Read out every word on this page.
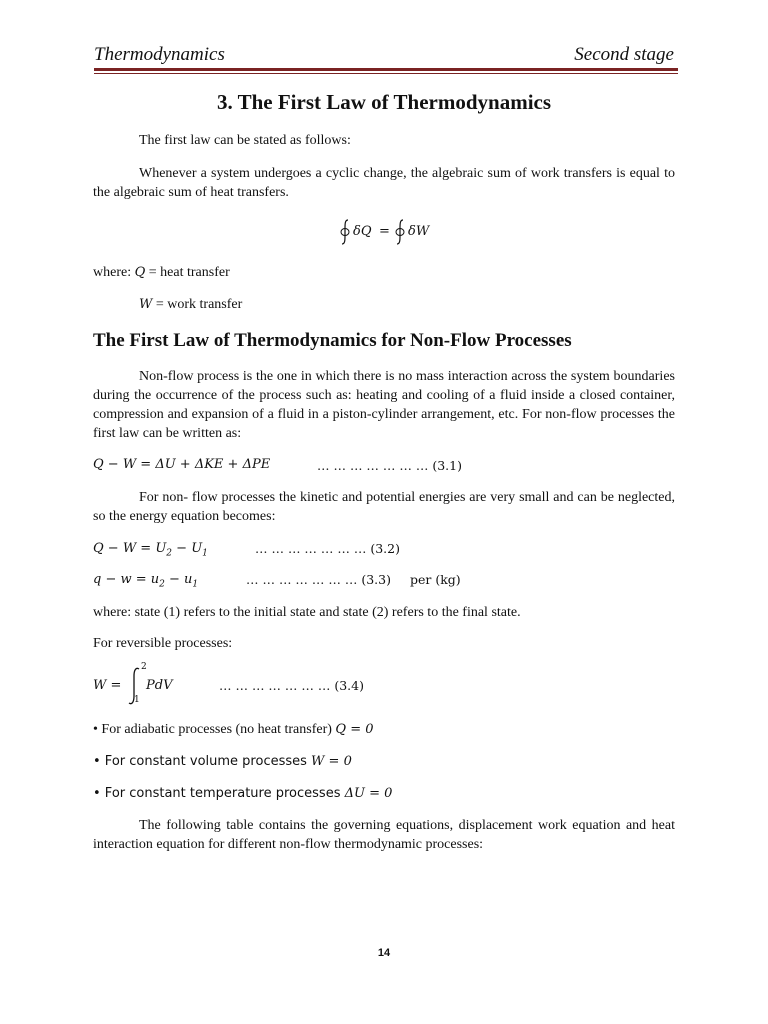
Thermodynamics	Second stage
3. The First Law of Thermodynamics
The first law can be stated as follows:
Whenever a system undergoes a cyclic change, the algebraic sum of work transfers is equal to the algebraic sum of heat transfers.
δQ = δW
where: Q = heat transfer
W = work transfer
The First Law of Thermodynamics for Non-Flow Processes
Non-flow process is the one in which there is no mass interaction across the system boundaries during the occurrence of the process such as: heating and cooling of a fluid inside a closed container, compression and expansion of a fluid in a piston-cylinder arrangement, etc. For non-flow processes the first law can be written as:
Q − W = ΔU + ΔKE + ΔPE	… … … … … … … (3.1)
For non- flow processes the kinetic and potential energies are very small and can be neglected, so the energy equation becomes:
$Q - W = U_2 - U_1$	… … … … … … … (3.2)
$q - w = u_2 - u_1$	… … … … … … … (3.3) per (kg)
where: state (1) refers to the initial state and state (2) refers to the final state.
For reversible processes:
W =
2
1
PdV	… … … … … … … (3.4)
• For adiabatic processes (no heat transfer) Q = 0
• For constant volume processes W = 0
• For constant temperature processes ΔU = 0
The following table contains the governing equations, displacement work equation and heat interaction equation for different non-flow thermodynamic processes:
14
